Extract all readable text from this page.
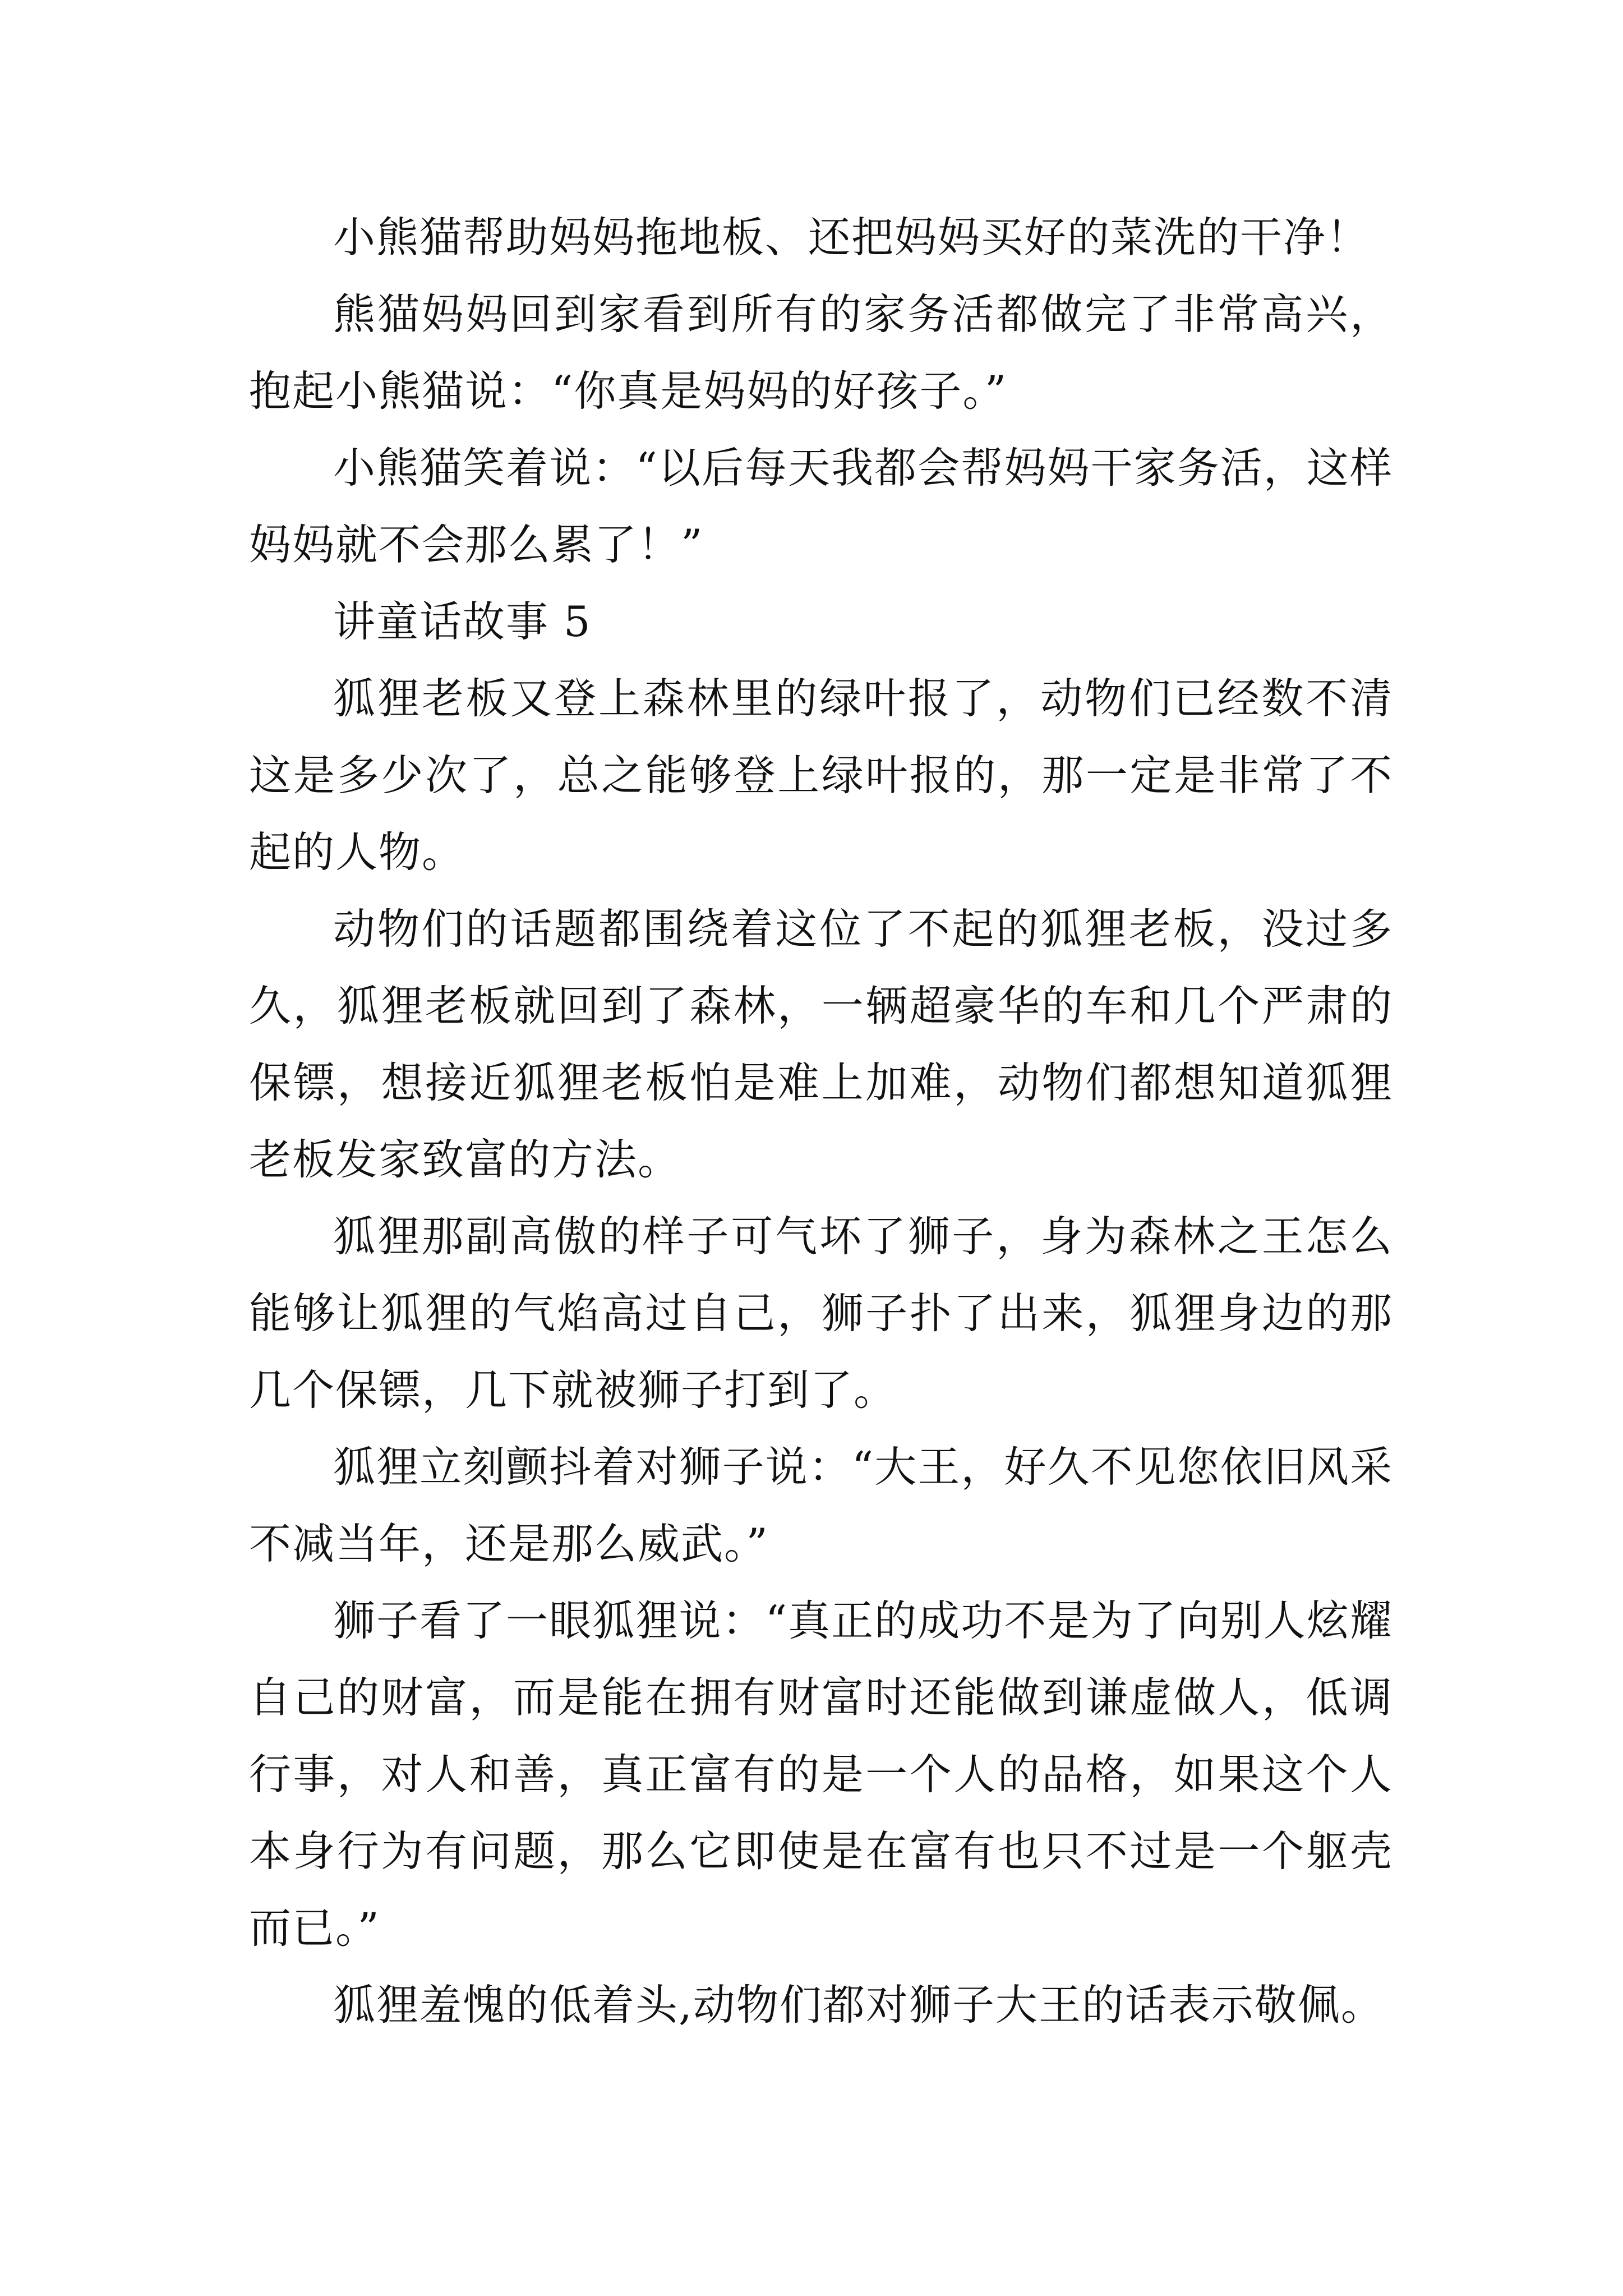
小熊猫帮助妈妈拖地板、还把妈妈买好的菜洗的干净！

熊猫妈妈回到家看到所有的家务活都做完了非常高兴，抱起小熊猫说：“你真是妈妈的好孩子。”

小熊猫笑着说：“以后每天我都会帮妈妈干家务活，这样妈妈就不会那么累了！”

讲童话故事 5

狐狸老板又登上森林里的绿叶报了，动物们已经数不清这是多少次了，总之能够登上绿叶报的，那一定是非常了不起的人物。

动物们的话题都围绕着这位了不起的狐狸老板，没过多久，狐狸老板就回到了森林，一辆超豪华的车和几个严肃的保镖，想接近狐狸老板怕是难上加难，动物们都想知道狐狸老板发家致富的方法。

狐狸那副高傲的样子可气坏了狮子，身为森林之王怎么能够让狐狸的气焰高过自己，狮子扑了出来，狐狸身边的那几个保镖，几下就被狮子打到了。

狐狸立刻颤抖着对狮子说：“大王，好久不见您依旧风采不减当年，还是那么威武。”

狮子看了一眼狐狸说：“真正的成功不是为了向别人炫耀自己的财富，而是能在拥有财富时还能做到谦虚做人，低调行事，对人和善，真正富有的是一个人的品格，如果这个人本身行为有问题，那么它即使是在富有也只不过是一个躯壳而已。”

狐狸羞愧的低着头,动物们都对狮子大王的话表示敬佩。
